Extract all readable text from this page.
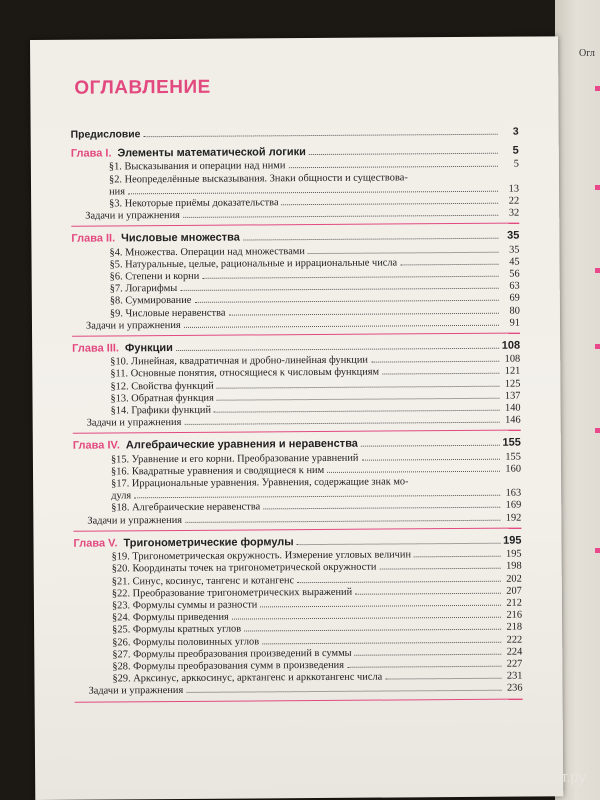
Огл
ОГЛАВЛЕНИЕ
Предисловие	3
Глава I. Элементы математической логики	5
§1. Высказывания и операции над ними	5
§2. Неопределённые высказывания. Знаки общности и существова-
ния	13
§3. Некоторые приёмы доказательства	22
Задачи и упражнения	32
Глава II. Числовые множества	35
§4. Множества. Операции над множествами	35
§5. Натуральные, целые, рациональные и иррациональные числа	45
§6. Степени и корни	56
§7. Логарифмы	63
§8. Суммирование	69
§9. Числовые неравенства	80
Задачи и упражнения	91
Глава III. Функции	108
§10. Линейная, квадратичная и дробно-линейная функции	108
§11. Основные понятия, относящиеся к числовым функциям	121
§12. Свойства функций	125
§13. Обратная функция	137
§14. Графики функций	140
Задачи и упражнения	146
Глава IV. Алгебраические уравнения и неравенства	155
§15. Уравнение и его корни. Преобразование уравнений	155
§16. Квадратные уравнения и сводящиеся к ним	160
§17. Иррациональные уравнения. Уравнения, содержащие знак мо-
дуля	163
§18. Алгебраические неравенства	169
Задачи и упражнения	192
Глава V. Тригонометрические формулы	195
§19. Тригонометрическая окружность. Измерение угловых величин	195
§20. Координаты точек на тригонометрической окружности	198
§21. Синус, косинус, тангенс и котангенс	202
§22. Преобразование тригонометрических выражений	207
§23. Формулы суммы и разности	212
§24. Формулы приведения	216
§25. Формулы кратных углов	218
§26. Формулы половинных углов	222
§27. Формулы преобразования произведений в суммы	224
§28. Формулы преобразования сумм в произведения	227
§29. Арксинус, арккосинус, арктангенс и арккотангенс числа	231
Задачи и упражнения	236
абиринт.ру
